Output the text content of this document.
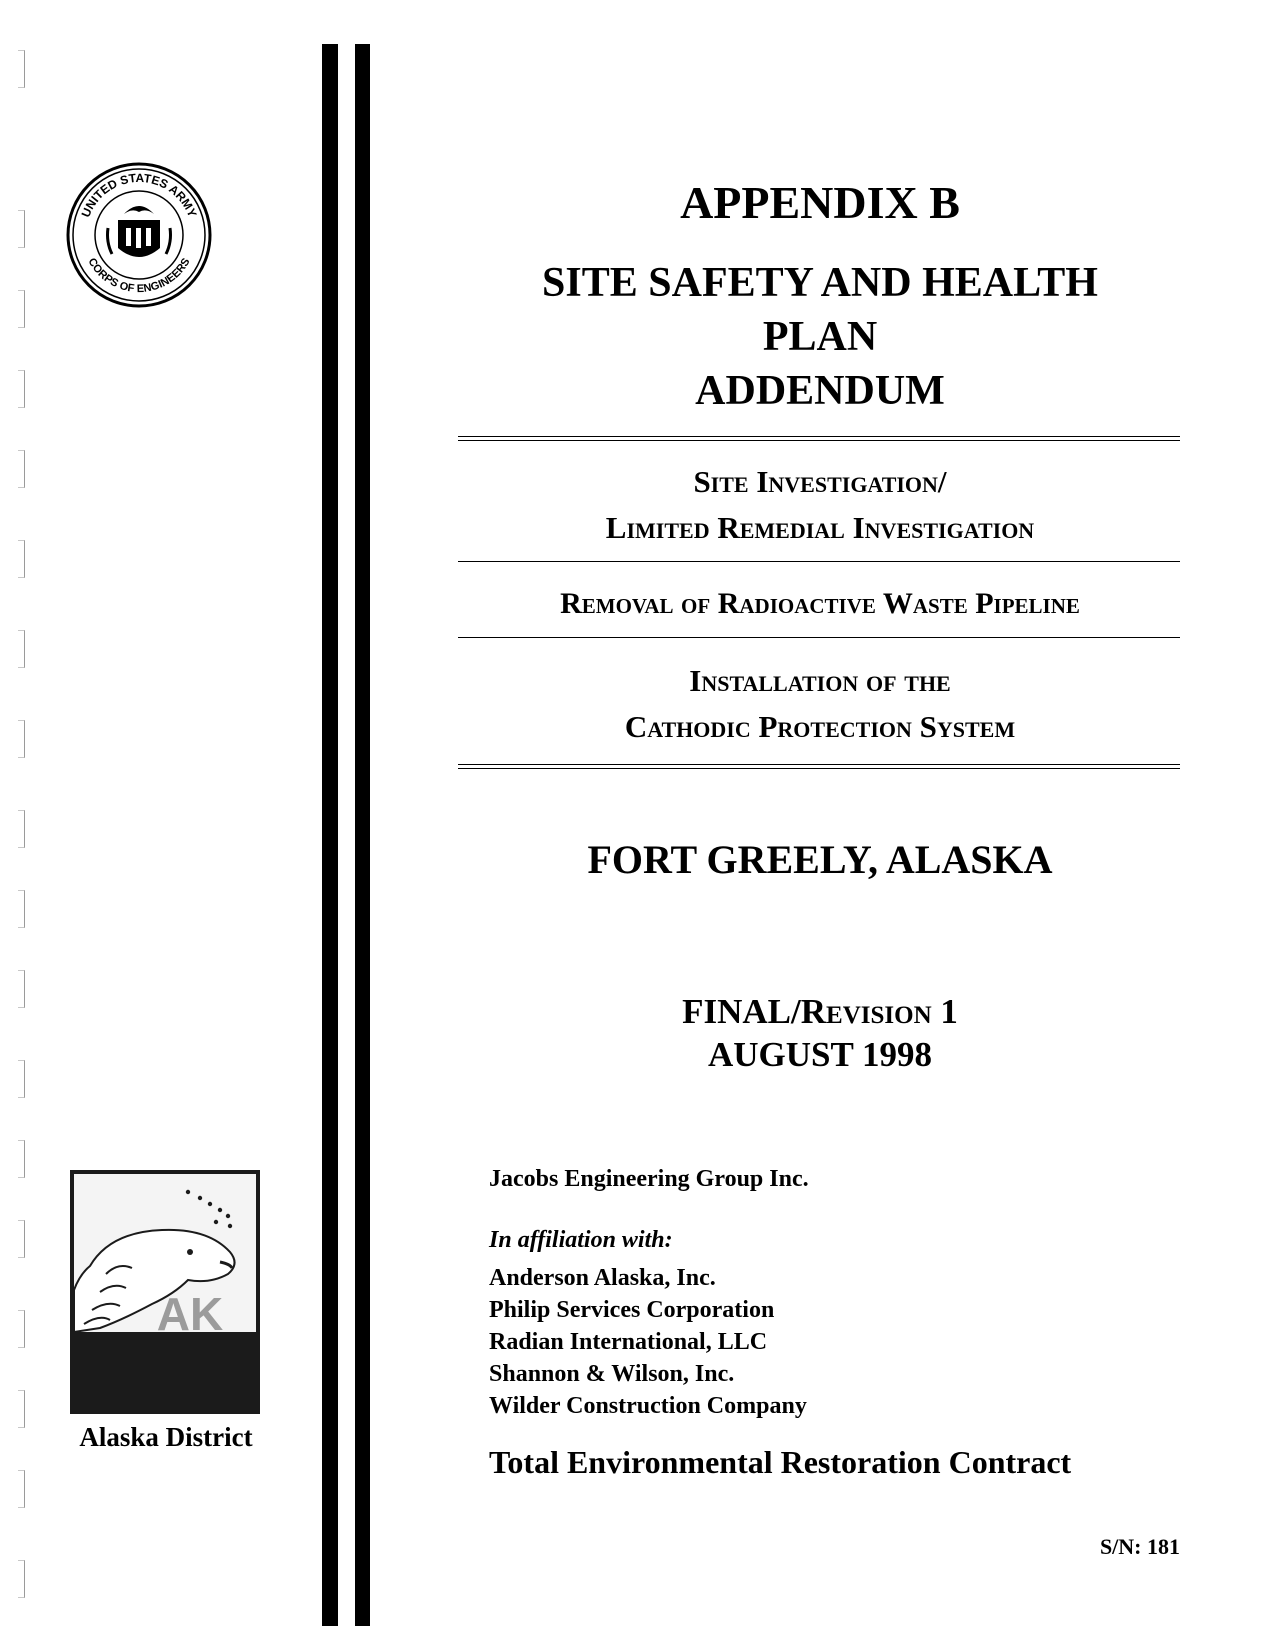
UNITED STATES ARMY
CORPS OF ENGINEERS
APPENDIX B
SITE SAFETY AND HEALTH
PLAN
ADDENDUM
Site Investigation/
Limited Remedial Investigation
Removal of Radioactive Waste Pipeline
Installation of the
Cathodic Protection System
FORT GREELY, ALASKA
FINAL/Revision 1
AUGUST 1998
Jacobs Engineering Group Inc.
In affiliation with:
Anderson Alaska, Inc.
Philip Services Corporation
Radian International, LLC
Shannon & Wilson, Inc.
Wilder Construction Company
Total Environmental Restoration Contract
S/N: 181
AK
Alaska District
